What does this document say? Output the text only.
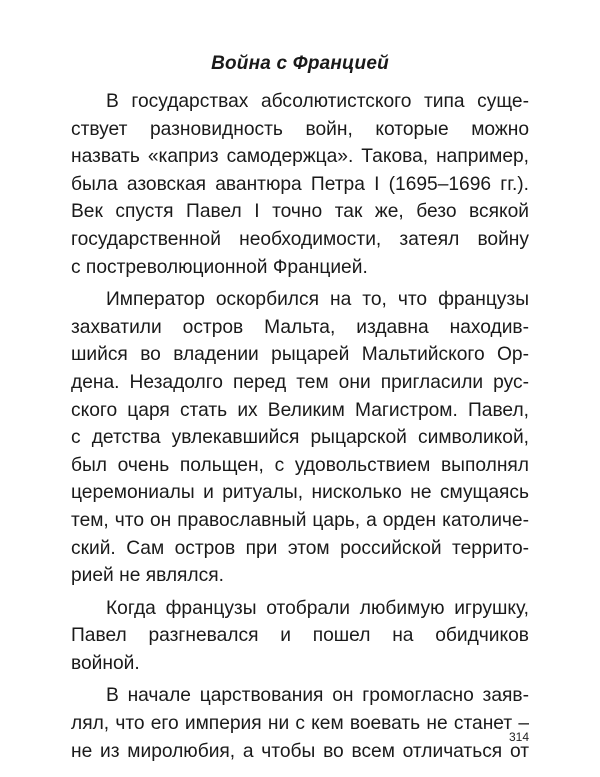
Война с Францией
В государствах абсолютистского типа суще-
ствует разновидность войн, которые можно
назвать «каприз самодержца». Такова, например,
была азовская авантюра Петра I (1695–1696 гг.).
Век спустя Павел I точно так же, безо всякой
государственной необходимости, затеял войну
с постреволюционной Францией.
Император оскорбился на то, что французы
захватили остров Мальта, издавна находив-
шийся во владении рыцарей Мальтийского Ор-
дена. Незадолго перед тем они пригласили рус-
ского царя стать их Великим Магистром. Павел,
с детства увлекавшийся рыцарской символикой,
был очень польщен, с удовольствием выполнял
церемониалы и ритуалы, нисколько не смущаясь
тем, что он православный царь, а орден католиче-
ский. Сам остров при этом российской террито-
рией не являлся.
Когда французы отобрали любимую игрушку,
Павел разгневался и пошел на обидчиков
войной.
В начале царствования он громогласно заяв-
лял, что его империя ни с кем воевать не станет –
не из миролюбия, а чтобы во всем отличаться от
314
